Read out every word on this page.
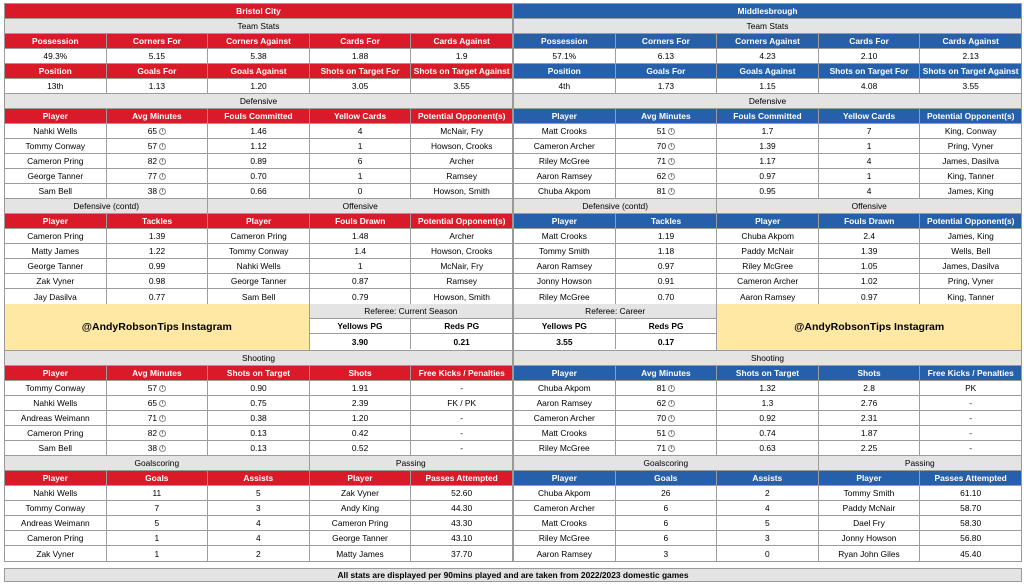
Bristol City
Team Stats
Possession	Corners For	Corners Against	Cards For	Cards Against
49.3%	5.15	5.38	1.88	1.9
Position	Goals For	Goals Against	Shots on Target For Shots on Target Against
13th	1.13	1.20	3.05	3.55
Defensive
Player	Avg Minutes	Fouls Committed	Yellow Cards	Potential Opponent(s)
Nahki Wells	65	1.46	4	McNair, Fry
Tommy Conway	57	1.12	1	Howson, Crooks
Cameron Pring	82	0.89	6	Archer
George Tanner	77	0.70	1	Ramsey
Sam Bell	38	0.66	0	Howson, Smith
Defensive (contd)
Player	Tackles
Cameron Pring	1.39
Matty James	1.22
George Tanner	0.99
Zak Vyner	0.98
Jay Dasilva	0.77
Offensive
Player	Fouls Drawn	Potential Opponent(s)
Cameron Pring	1.48	Archer
Tommy Conway	1.4	Howson, Crooks
Nahki Wells	1	McNair, Fry
George Tanner	0.87	Ramsey
Sam Bell	0.79	Howson, Smith
@AndyRobsonTips Instagram
Referee: Current Season
Yellows PG	Reds PG
3.90	0.21
Shooting
Player	Avg Minutes	Shots on Target	Shots	Free Kicks / Penalties
Tommy Conway	57	0.90	1.91	-
Nahki Wells	65	0.75	2.39	FK / PK
Andreas Weimann	71	0.38	1.20	-
Cameron Pring	82	0.13	0.42	-
Sam Bell	38	0.13	0.52	-
Goalscoring
Player	Goals	Assists
Nahki Wells	11	5
Tommy Conway	7	3
Andreas Weimann	5	4
Cameron Pring	1	4
Zak Vyner	1	2
Passing
Player	Passes Attempted
Zak Vyner	52.60
Andy King	44.30
Cameron Pring	43.30
George Tanner	43.10
Matty James	37.70
Middlesbrough
Team Stats
Possession	Corners For	Corners Against	Cards For	Cards Against
57.1%	6.13	4.23	2.10	2.13
Position	Goals For	Goals Against	Shots on Target For Shots on Target Against
4th	1.73	1.15	4.08	3.55
Defensive
Player	Avg Minutes	Fouls Committed	Yellow Cards	Potential Opponent(s)
Matt Crooks	51	1.7	7	King, Conway
Cameron Archer	70	1.39	1	Pring, Vyner
Riley McGree	71	1.17	4	James, Dasilva
Aaron Ramsey	62	0.97	1	King, Tanner
Chuba Akpom	81	0.95	4	James, King
Defensive (contd)
Player	Tackles
Matt Crooks	1.19
Tommy Smith	1.18
Aaron Ramsey	0.97
Jonny Howson	0.91
Riley McGree	0.70
Offensive
Player	Fouls Drawn	Potential Opponent(s)
Chuba Akpom	2.4	James, King
Paddy McNair	1.39	Wells, Bell
Riley McGree	1.05	James, Dasilva
Cameron Archer	1.02	Pring, Vyner
Aaron Ramsey	0.97	King, Tanner
Referee: Career
Yellows PG	Reds PG
3.55	0.17
@AndyRobsonTips Instagram
Shooting
Player	Avg Minutes	Shots on Target	Shots	Free Kicks / Penalties
Chuba Akpom	81	1.32	2.8	PK
Aaron Ramsey	62	1.3	2.76	-
Cameron Archer	70	0.92	2.31	-
Matt Crooks	51	0.74	1.87	-
Riley McGree	71	0.63	2.25	-
Goalscoring
Player	Goals	Assists
Chuba Akpom	26	2
Cameron Archer	6	4
Matt Crooks	6	5
Riley McGree	6	3
Aaron Ramsey	3	0
Passing
Player	Passes Attempted
Tommy Smith	61.10
Paddy McNair	58.70
Dael Fry	58.30
Jonny Howson	56.80
Ryan John Giles	45.40
All stats are displayed per 90mins played and are taken from 2022/2023 domestic games
